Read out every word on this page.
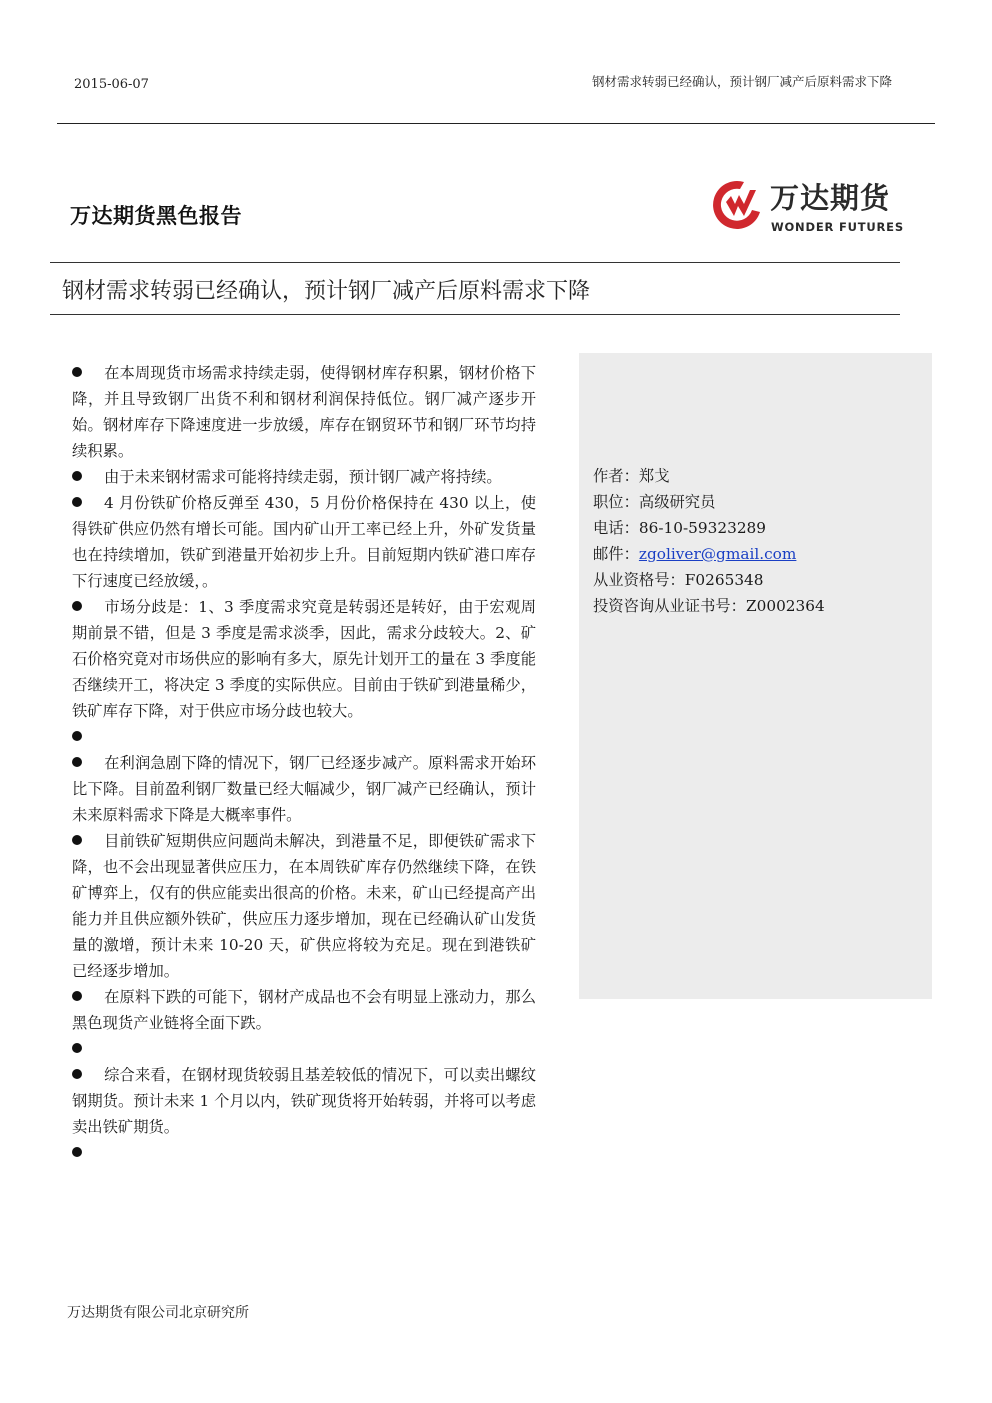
2015-06-07	钢材需求转弱已经确认，预计钢厂减产后原料需求下降
万达期货黑色报告
万达期货
WONDER FUTURES
钢材需求转弱已经确认，预计钢厂减产后原料需求下降

在本周现货市场需求持续走弱，使得钢材库存积累，钢材价格下降，并且导致钢厂出货不利和钢材利润保持低位。钢厂减产逐步开始。钢材库存下降速度进一步放缓，库存在钢贸环节和钢厂环节均持续积累。

由于未来钢材需求可能将持续走弱，预计钢厂减产将持续。

4 月份铁矿价格反弹至 430，5 月份价格保持在 430 以上，使得铁矿供应仍然有增长可能。国内矿山开工率已经上升，外矿发货量也在持续增加，铁矿到港量开始初步上升。目前短期内铁矿港口库存下行速度已经放缓，。

市场分歧是：1、3 季度需求究竟是转弱还是转好，由于宏观周期前景不错，但是 3 季度是需求淡季，因此，需求分歧较大。2、矿石价格究竟对市场供应的影响有多大，原先计划开工的量在 3 季度能否继续开工，将决定 3 季度的实际供应。目前由于铁矿到港量稀少，铁矿库存下降，对于供应市场分歧也较大。

在利润急剧下降的情况下，钢厂已经逐步减产。原料需求开始环比下降。目前盈利钢厂数量已经大幅减少，钢厂减产已经确认，预计未来原料需求下降是大概率事件。

目前铁矿短期供应问题尚未解决，到港量不足，即便铁矿需求下降，也不会出现显著供应压力，在本周铁矿库存仍然继续下降，在铁矿博弈上，仅有的供应能卖出很高的价格。未来，矿山已经提高产出能力并且供应额外铁矿，供应压力逐步增加，现在已经确认矿山发货量的激增，预计未来 10-20 天，矿供应将较为充足。现在到港铁矿已经逐步增加。

在原料下跌的可能下，钢材产成品也不会有明显上涨动力，那么黑色现货产业链将全面下跌。

综合来看，在钢材现货较弱且基差较低的情况下，可以卖出螺纹钢期货。预计未来 1 个月以内，铁矿现货将开始转弱，并将可以考虑卖出铁矿期货。

作者：郑戈
职位：高级研究员
电话：86-10-59323289
邮件：zgoliver@gmail.com
从业资格号：F0265348
投资咨询从业证书号：Z0002364
万达期货有限公司北京研究所
